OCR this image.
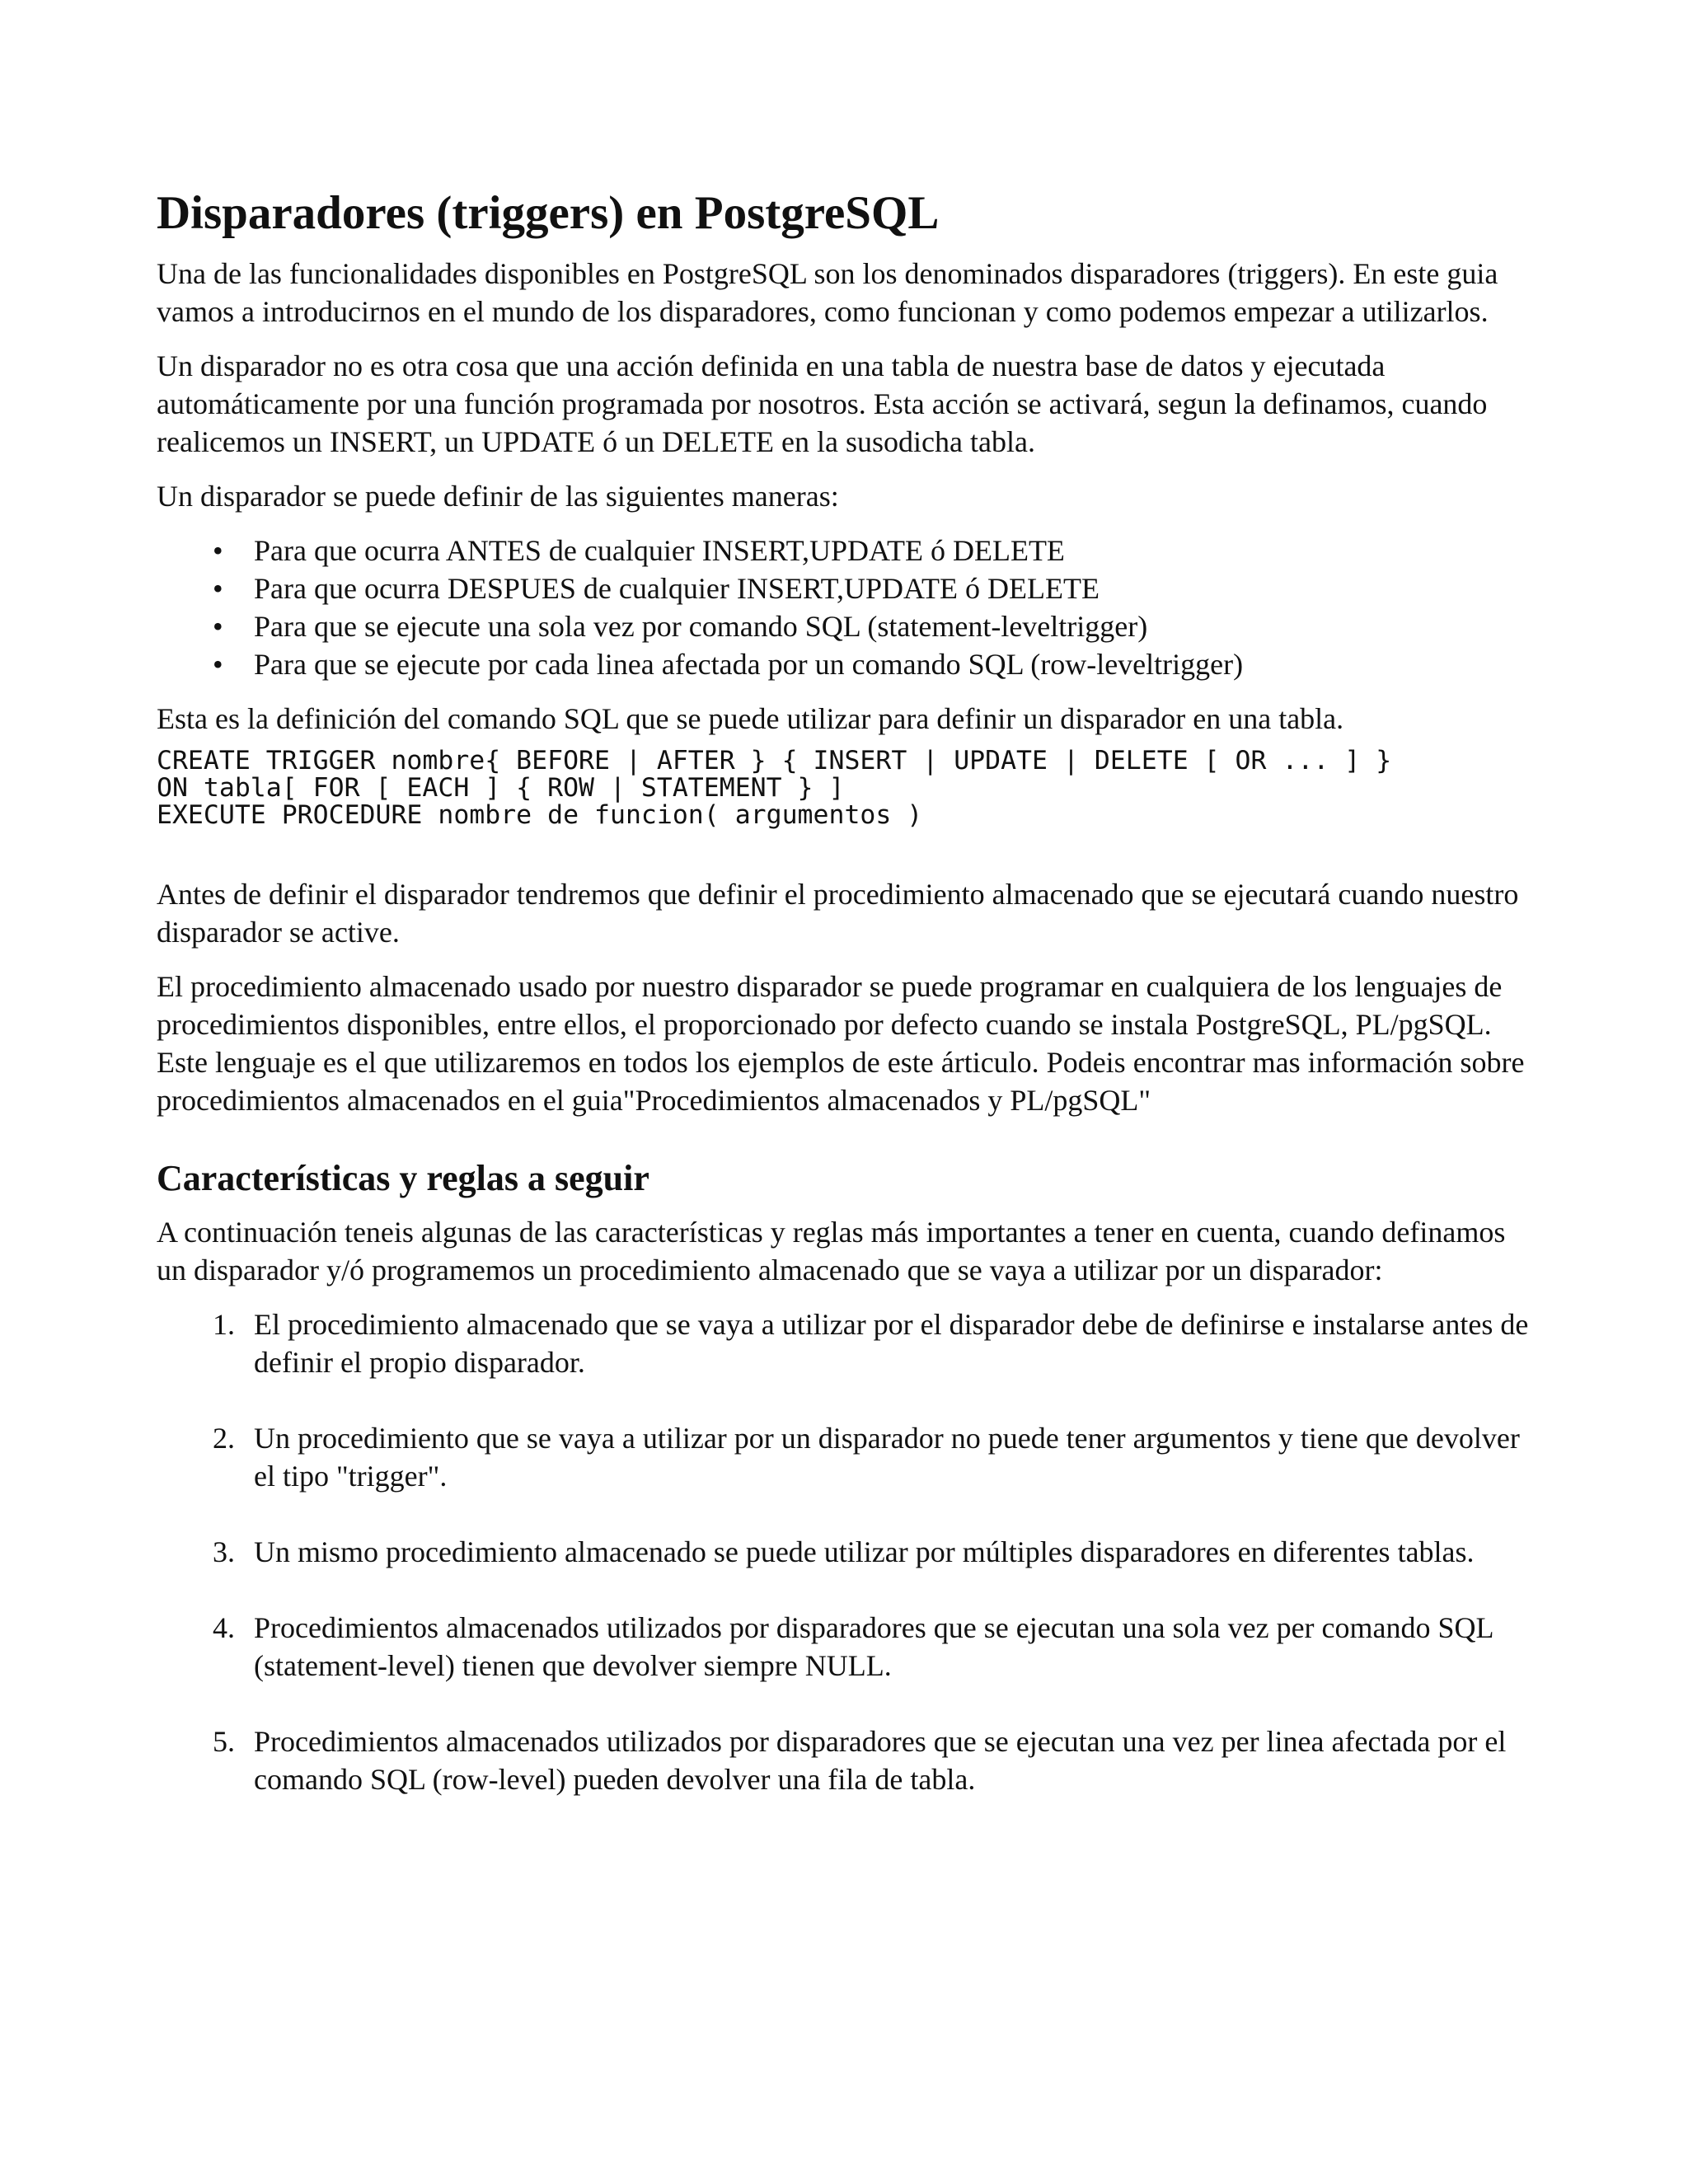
Disparadores (triggers) en PostgreSQL

Una de las funcionalidades disponibles en PostgreSQL son los denominados disparadores (triggers). En este guia vamos a introducirnos en el mundo de los disparadores, como funcionan y como podemos empezar a utilizarlos.

Un disparador no es otra cosa que una acción definida en una tabla de nuestra base de datos y ejecutada automáticamente por una función programada por nosotros. Esta acción se activará, segun la definamos, cuando realicemos un INSERT, un UPDATE ó un DELETE en la susodicha tabla.

Un disparador se puede definir de las siguientes maneras:

• Para que ocurra ANTES de cualquier INSERT,UPDATE ó DELETE
• Para que ocurra DESPUES de cualquier INSERT,UPDATE ó DELETE
• Para que se ejecute una sola vez por comando SQL (statement-leveltrigger)
• Para que se ejecute por cada linea afectada por un comando SQL (row-leveltrigger)

Esta es la definición del comando SQL que se puede utilizar para definir un disparador en una tabla.

CREATE TRIGGER nombre{ BEFORE | AFTER } { INSERT | UPDATE | DELETE [ OR ... ] }
ON tabla[ FOR [ EACH ] { ROW | STATEMENT } ]
EXECUTE PROCEDURE nombre de funcion( argumentos )

Antes de definir el disparador tendremos que definir el procedimiento almacenado que se ejecutará cuando nuestro disparador se active.

El procedimiento almacenado usado por nuestro disparador se puede programar en cualquiera de los lenguajes de procedimientos disponibles, entre ellos, el proporcionado por defecto cuando se instala PostgreSQL, PL/pgSQL. Este lenguaje es el que utilizaremos en todos los ejemplos de este árticulo. Podeis encontrar mas información sobre procedimientos almacenados en el guia"Procedimientos almacenados y PL/pgSQL"

Características y reglas a seguir

A continuación teneis algunas de las características y reglas más importantes a tener en cuenta, cuando definamos un disparador y/ó programemos un procedimiento almacenado que se vaya a utilizar por un disparador:

1. El procedimiento almacenado que se vaya a utilizar por el disparador debe de definirse e instalarse antes de definir el propio disparador.
2. Un procedimiento que se vaya a utilizar por un disparador no puede tener argumentos y tiene que devolver el tipo "trigger".
3. Un mismo procedimiento almacenado se puede utilizar por múltiples disparadores en diferentes tablas.
4. Procedimientos almacenados utilizados por disparadores que se ejecutan una sola vez per comando SQL (statement-level) tienen que devolver siempre NULL.
5. Procedimientos almacenados utilizados por disparadores que se ejecutan una vez per linea afectada por el comando SQL (row-level) pueden devolver una fila de tabla.
